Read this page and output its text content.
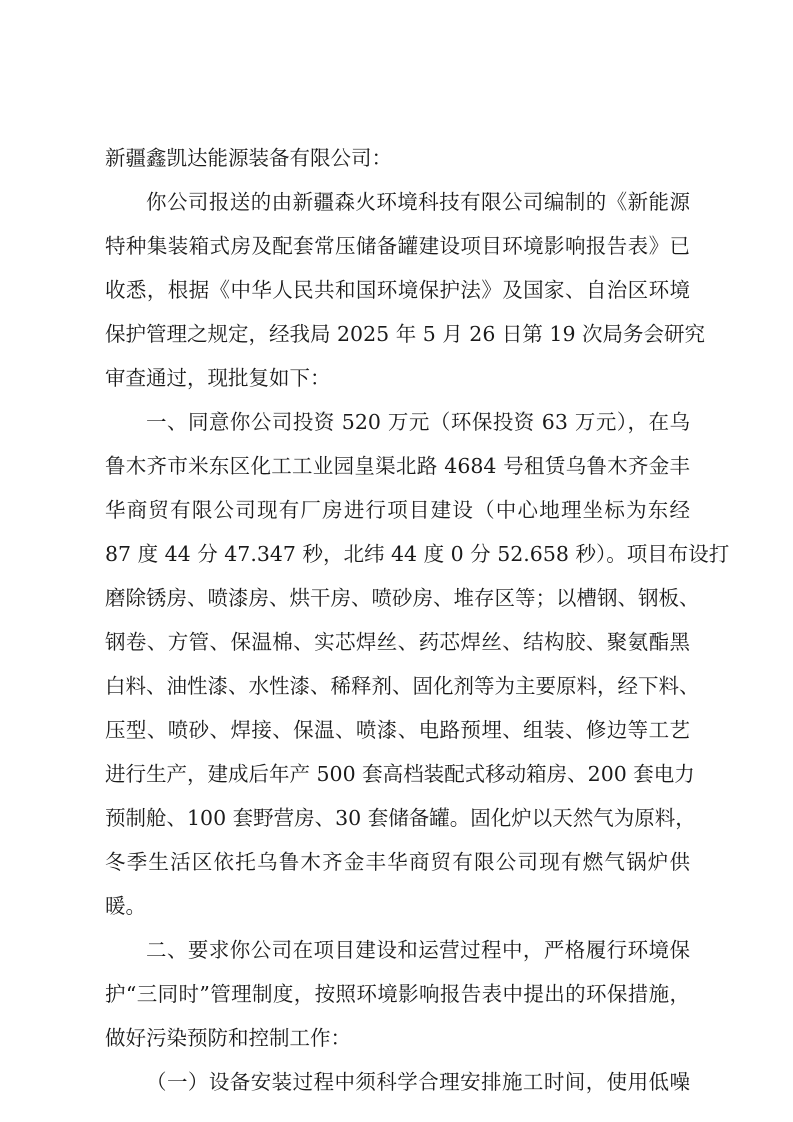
新疆鑫凯达能源装备有限公司：
你公司报送的由新疆森火环境科技有限公司编制的《新能源
特种集装箱式房及配套常压储备罐建设项目环境影响报告表》已
收悉，根据《中华人民共和国环境保护法》及国家、自治区环境
保护管理之规定，经我局 2025 年 5 月 26 日第 19 次局务会研究
审查通过，现批复如下：
一、同意你公司投资 520 万元（环保投资 63 万元），在乌
鲁木齐市米东区化工工业园皇渠北路 4684 号租赁乌鲁木齐金丰
华商贸有限公司现有厂房进行项目建设（中心地理坐标为东经
87 度 44 分 47.347 秒，北纬 44 度 0 分 52.658 秒）。项目布设打
磨除锈房、喷漆房、烘干房、喷砂房、堆存区等；以槽钢、钢板、
钢卷、方管、保温棉、实芯焊丝、药芯焊丝、结构胶、聚氨酯黑
白料、油性漆、水性漆、稀释剂、固化剂等为主要原料，经下料、
压型、喷砂、焊接、保温、喷漆、电路预埋、组装、修边等工艺
进行生产，建成后年产 500 套高档装配式移动箱房、200 套电力
预制舱、100 套野营房、30 套储备罐。固化炉以天然气为原料，
冬季生活区依托乌鲁木齐金丰华商贸有限公司现有燃气锅炉供
暖。
二、要求你公司在项目建设和运营过程中，严格履行环境保
护“三同时”管理制度，按照环境影响报告表中提出的环保措施，
做好污染预防和控制工作：
（一）设备安装过程中须科学合理安排施工时间，使用低噪
